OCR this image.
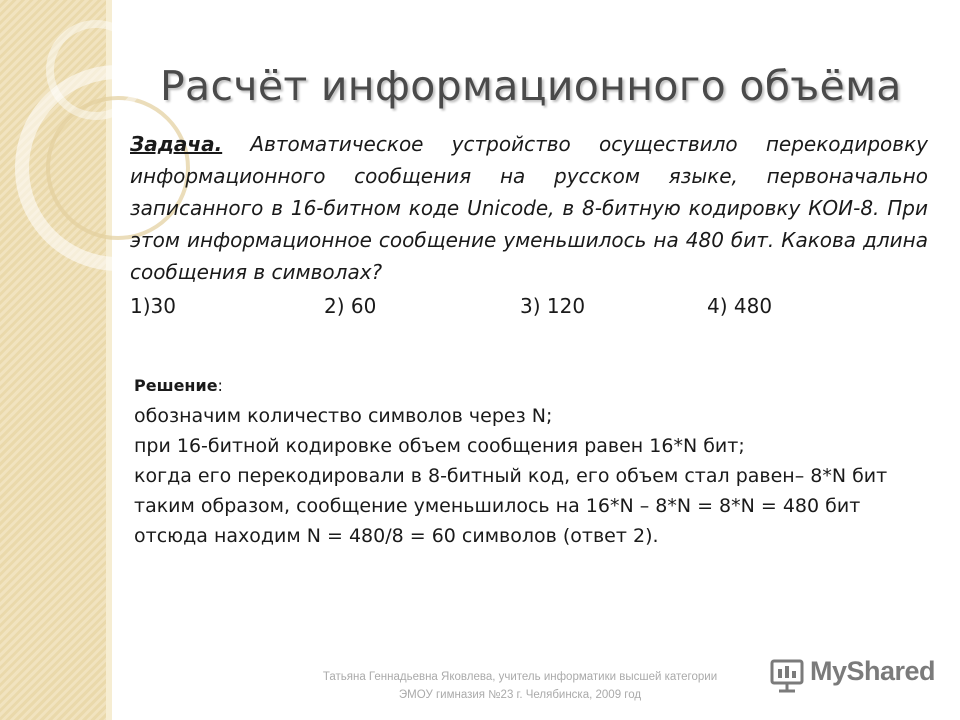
Расчёт информационного объёма
Задача. Автоматическое устройство осуществило перекодировку информационного сообщения на русском языке, первоначально записанного в 16-битном коде Unicode, в 8-битную кодировку КОИ-8. При этом информационное сообщение уменьшилось на 480 бит. Какова длина сообщения в символах?
1)30	2) 60	3) 120	4) 480
Решение:
обозначим количество символов через N;
при 16-битной кодировке объем сообщения равен 16*N бит;
когда его перекодировали в 8-битный код, его объем стал равен– 8*N бит
таким образом, сообщение уменьшилось на 16*N – 8*N = 8*N = 480 бит
отсюда находим N = 480/8 = 60 символов (ответ 2).
Татьяна Геннадьевна Яковлева, учитель информатики высшей категории
ЭМОУ гимназия №23 г. Челябинска, 2009 год
MyShared
